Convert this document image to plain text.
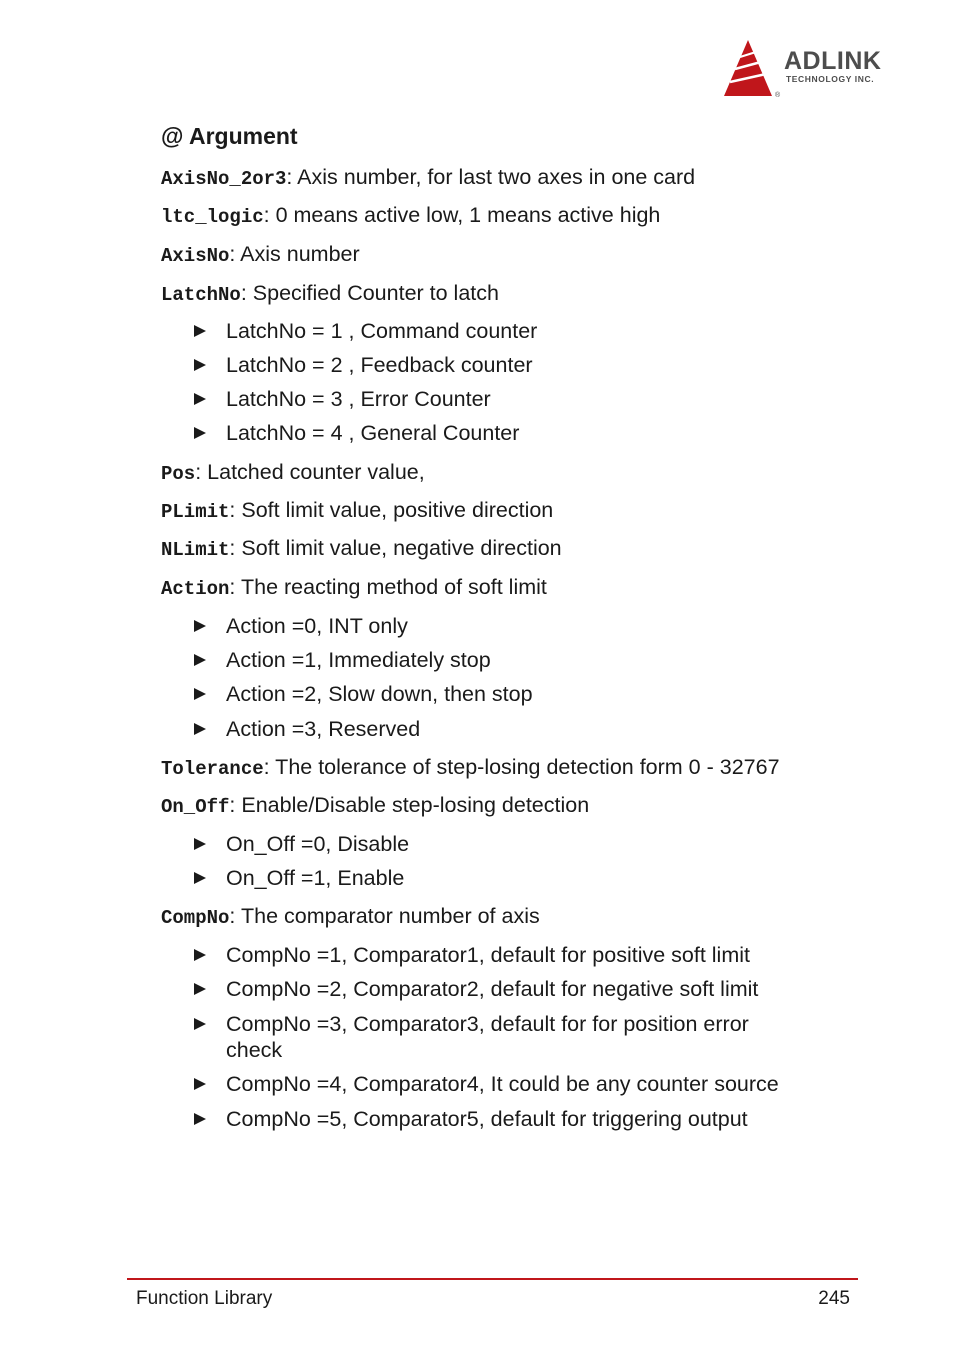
®
ADLINK
TECHNOLOGY INC.
@ Argument
AxisNo_2or3: Axis number, for last two axes in one card
ltc_logic: 0 means active low, 1 means active high
AxisNo: Axis number
LatchNo: Specified Counter to latch
LatchNo = 1 , Command counter
LatchNo = 2 , Feedback counter
LatchNo = 3 , Error Counter
LatchNo = 4 , General Counter
Pos: Latched counter value,
PLimit: Soft limit value, positive direction
NLimit: Soft limit value, negative direction
Action: The reacting method of soft limit
Action =0, INT only
Action =1, Immediately stop
Action =2, Slow down, then stop
Action =3, Reserved
Tolerance: The tolerance of step-losing detection form 0 - 32767
On_Off: Enable/Disable step-losing detection
On_Off =0, Disable
On_Off =1, Enable
CompNo: The comparator number of axis
CompNo =1, Comparator1, default for positive soft limit
CompNo =2, Comparator2, default for negative soft limit
CompNo =3, Comparator3, default for for position error check
CompNo =4, Comparator4, It could be any counter source
CompNo =5, Comparator5, default for triggering output
Function Library	245
